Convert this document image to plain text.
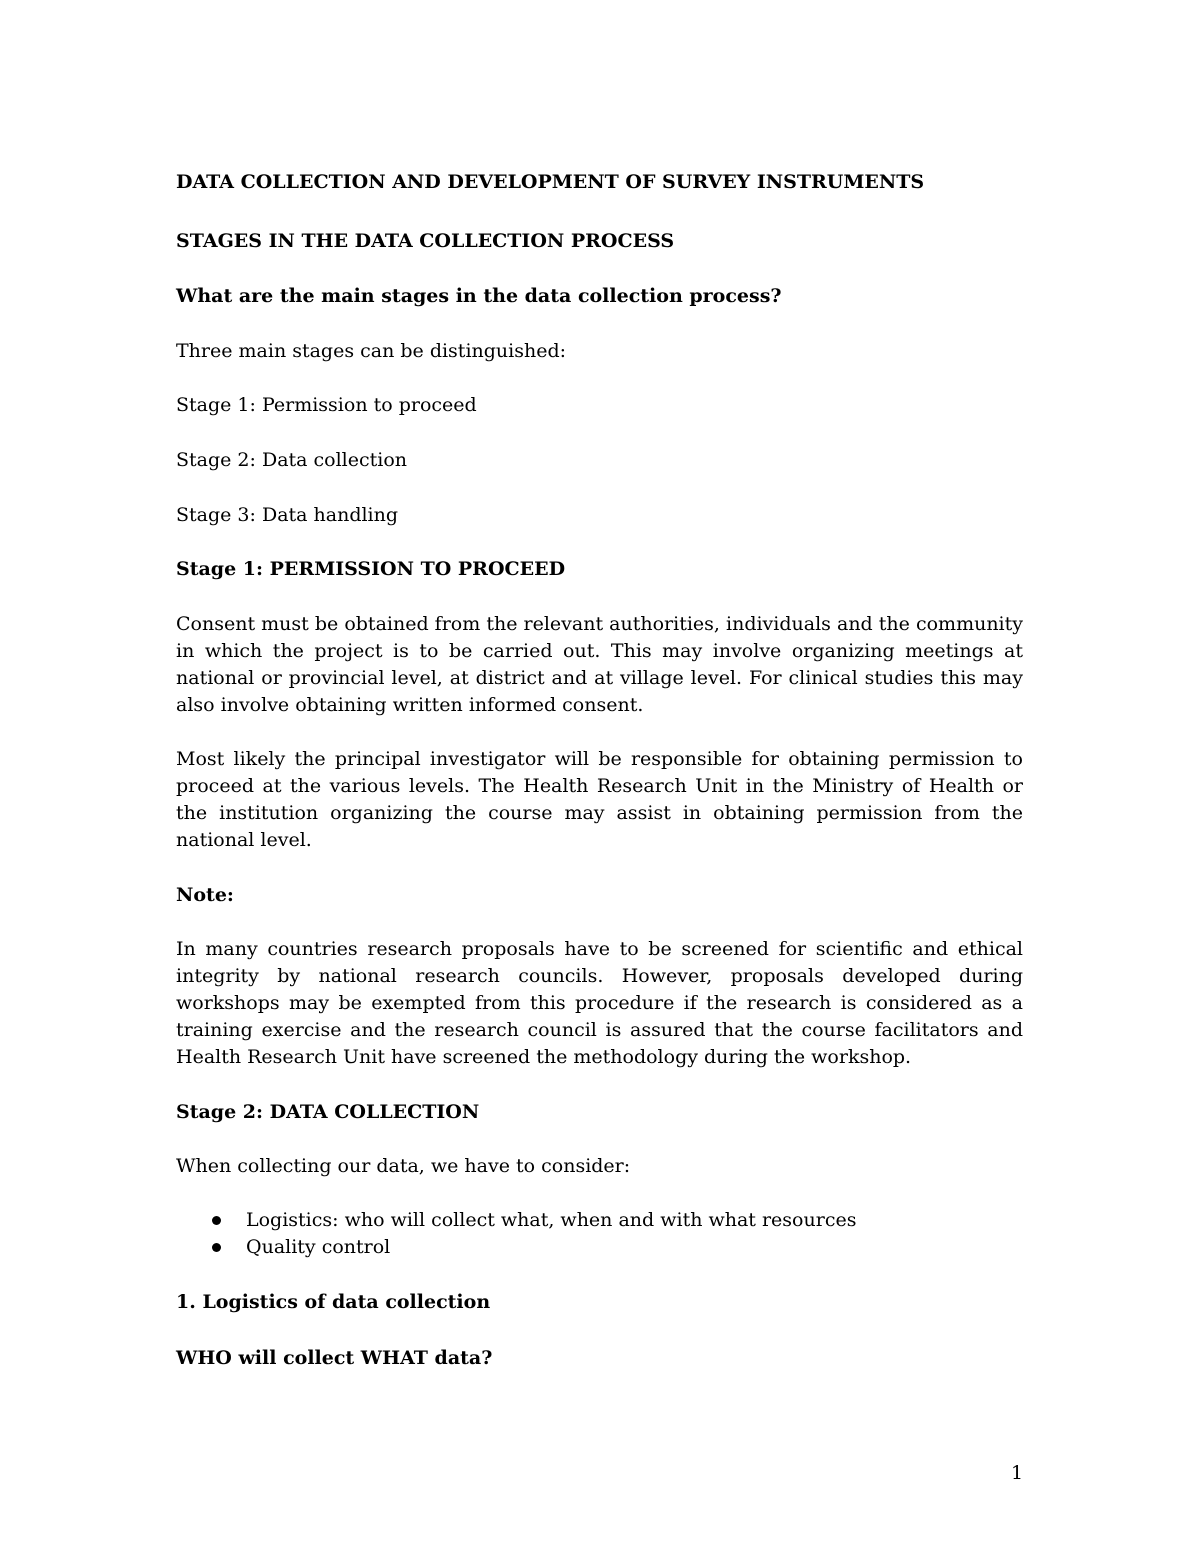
DATA COLLECTION AND DEVELOPMENT OF SURVEY INSTRUMENTS

STAGES IN THE DATA COLLECTION PROCESS

What are the main stages in the data collection process?

Three main stages can be distinguished:

Stage 1: Permission to proceed

Stage 2: Data collection

Stage 3: Data handling

Stage 1: PERMISSION TO PROCEED

Consent must be obtained from the relevant authorities, individuals and the community in which the project is to be carried out. This may involve organizing meetings at national or provincial level, at district and at village level. For clinical studies this may also involve obtaining written informed consent.

Most likely the principal investigator will be responsible for obtaining permission to proceed at the various levels. The Health Research Unit in the Ministry of Health or the institution organizing the course may assist in obtaining permission from the national level.

Note:

In many countries research proposals have to be screened for scientific and ethical integrity by national research councils. However, proposals developed during workshops may be exempted from this procedure if the research is considered as a training exercise and the research council is assured that the course facilitators and Health Research Unit have screened the methodology during the workshop.

Stage 2: DATA COLLECTION

When collecting our data, we have to consider:

Logistics: who will collect what, when and with what resources
Quality control

1. Logistics of data collection

WHO will collect WHAT data?

1
